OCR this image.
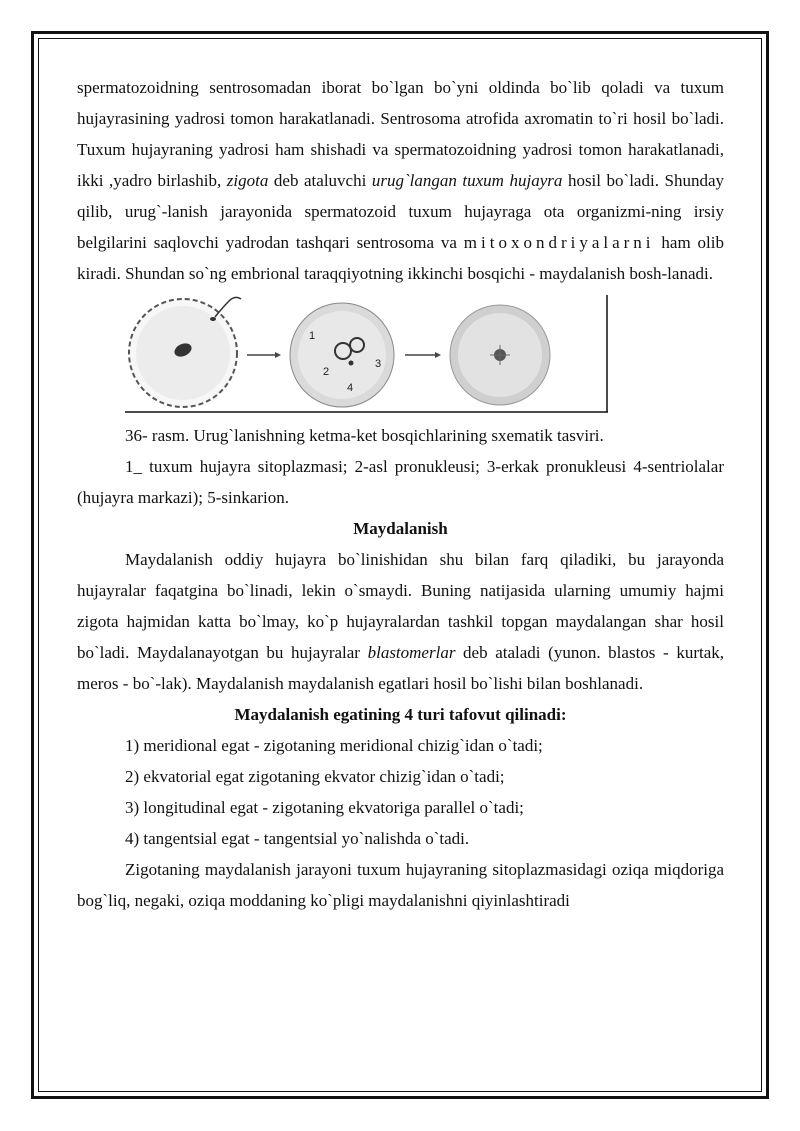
spermatozoidning sentrosomadan iborat bo`lgan bo`yni oldinda bo`lib qoladi va tuxum hujayrasining yadrosi tomon harakatlanadi. Sentrosoma atrofida axromatin to`ri hosil bo`ladi. Tuxum hujayraning yadrosi ham shishadi va spermatozoidning yadrosi tomon harakatlanadi, ikki ,yadro birlashib, zigota deb ataluvchi urug`langan tuxum hujayra hosil bo`ladi. Shunday qilib, urug`-lanish jarayonida spermatozoid tuxum hujayraga ota organizmi-ning irsiy belgilarini saqlovchi yadrodan tashqari sentrosoma va mitoxondriyalarni ham olib kiradi. Shundan so`ng embrional taraqqiyotning ikkinchi bosqichi - maydalanish bosh-lanadi.

1
2
3
4

36- rasm. Urug`lanishning ketma-ket bosqichlarining sxematik tasviri.

1_ tuxum hujayra sitoplazmasi; 2-asl pronukleusi; 3-erkak pronukleusi 4-sentriolalar (hujayra markazi); 5-sinkarion.

Maydalanish

Maydalanish oddiy hujayra bo`linishidan shu bilan farq qiladiki, bu jarayonda hujayralar faqatgina bo`linadi, lekin o`smaydi. Buning natijasida ularning umumiy hajmi zigota hajmidan katta bo`lmay, ko`p hujayralardan tashkil topgan maydalangan shar hosil bo`ladi. Maydalanayotgan bu hujayralar blastomerlar deb ataladi (yunon. blastos - kurtak, meros - bo`-lak). Maydalanish maydalanish egatlari hosil bo`lishi bilan boshlanadi.

Maydalanish egatining 4 turi tafovut qilinadi:

1) meridional egat - zigotaning meridional chizig`idan o`tadi;

2) ekvatorial egat zigotaning ekvator chizig`idan o`tadi;

3) longitudinal egat - zigotaning ekvatoriga parallel o`tadi;

4) tangentsial egat - tangentsial yo`nalishda o`tadi.

Zigotaning maydalanish jarayoni tuxum hujayraning sitoplazmasidagi oziqa miqdoriga bog`liq, negaki, oziqa moddaning ko`pligi maydalanishni qiyinlashtiradi
